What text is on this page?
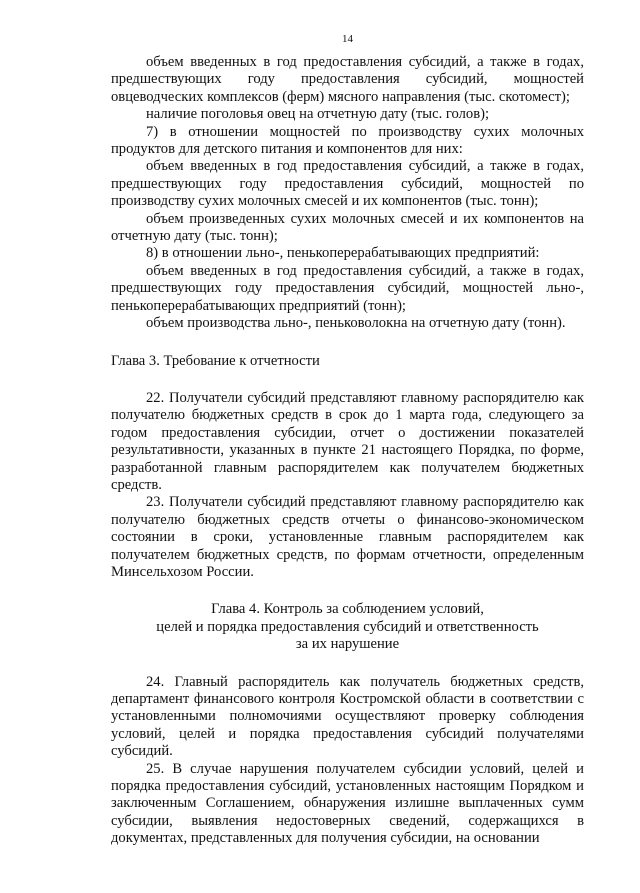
14

объем введенных в год предоставления субсидий, а также в годах, предшествующих году предоставления субсидий, мощностей овцеводческих комплексов (ферм) мясного направления (тыс. скотомест);

наличие поголовья овец на отчетную дату (тыс. голов);

7) в отношении мощностей по производству сухих молочных продуктов для детского питания и компонентов для них:

объем введенных в год предоставления субсидий, а также в годах, предшествующих году предоставления субсидий, мощностей по производству сухих молочных смесей и их компонентов (тыс. тонн);

объем произведенных сухих молочных смесей и их компонентов на отчетную дату (тыс. тонн);

8) в отношении льно-, пенькоперерабатывающих предприятий:

объем введенных в год предоставления субсидий, а также в годах, предшествующих году предоставления субсидий, мощностей льно-, пенькоперерабатывающих предприятий (тонн);

объем производства льно-, пеньковолокна на отчетную дату (тонн).

Глава 3. Требование к отчетности

22. Получатели субсидий представляют главному распорядителю как получателю бюджетных средств в срок до 1 марта года, следующего за годом предоставления субсидии, отчет о достижении показателей результативности, указанных в пункте 21 настоящего Порядка, по форме, разработанной главным распорядителем как получателем бюджетных средств.

23. Получатели субсидий представляют главному распорядителю как получателю бюджетных средств отчеты о финансово-экономическом состоянии в сроки, установленные главным распорядителем как получателем бюджетных средств, по формам отчетности, определенным Минсельхозом России.

Глава 4. Контроль за соблюдением условий,
целей и порядка предоставления субсидий и ответственность
за их нарушение

24. Главный распорядитель как получатель бюджетных средств, департамент финансового контроля Костромской области в соответствии с установленными полномочиями осуществляют проверку соблюдения условий, целей и порядка предоставления субсидий получателями субсидий.

25. В случае нарушения получателем субсидии условий, целей и порядка предоставления субсидий, установленных настоящим Порядком и заключенным Соглашением, обнаружения излишне выплаченных сумм субсидии, выявления недостоверных сведений, содержащихся в документах, представленных для получения субсидии, на основании
